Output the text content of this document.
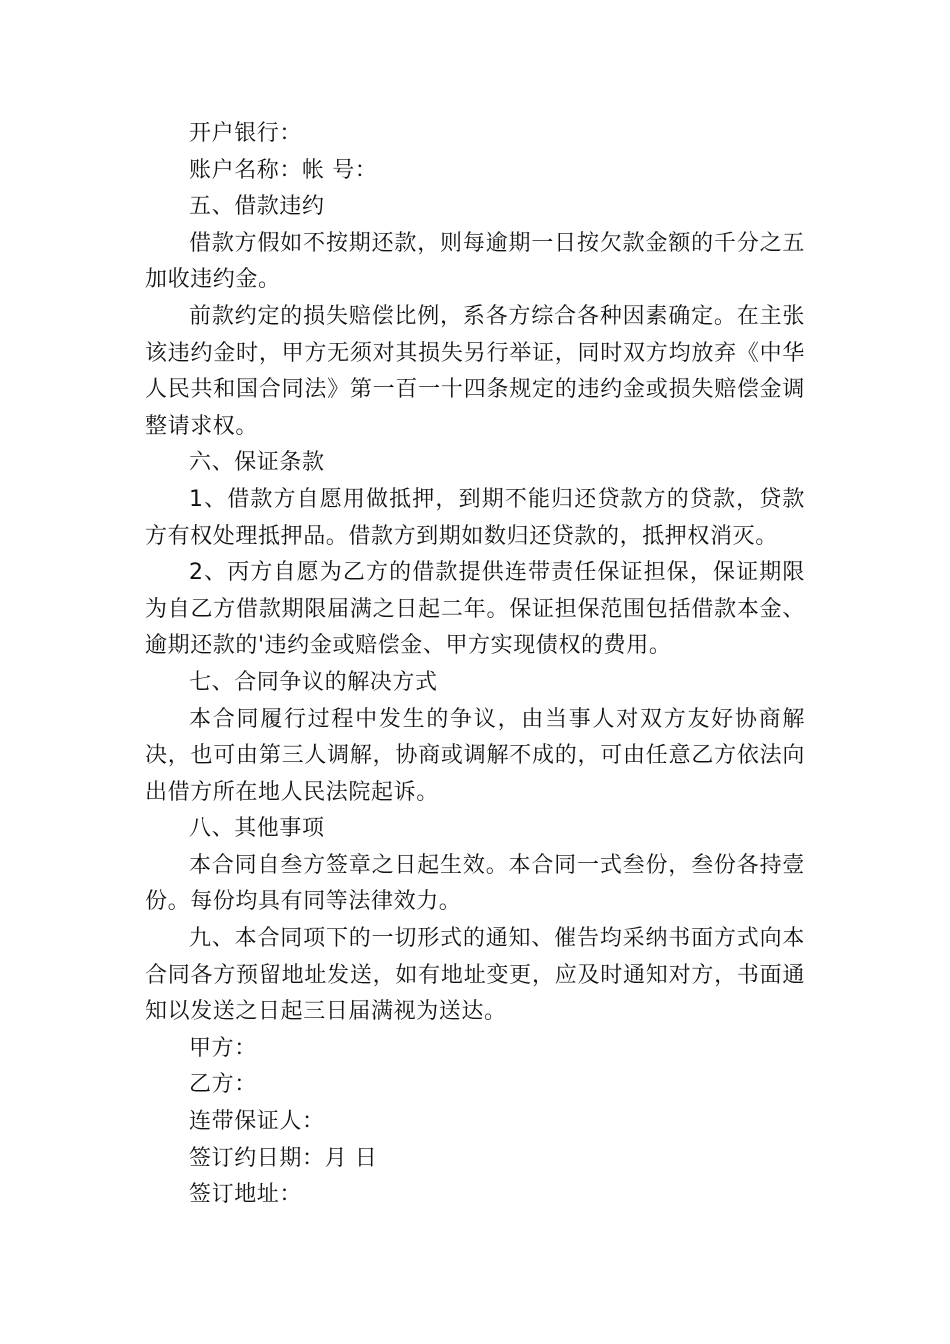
开户银行：

账户名称：帐 号：

五、借款违约

借款方假如不按期还款，则每逾期一日按欠款金额的千分之五加收违约金。

前款约定的损失赔偿比例，系各方综合各种因素确定。在主张该违约金时，甲方无须对其损失另行举证，同时双方均放弃《中华人民共和国合同法》第一百一十四条规定的违约金或损失赔偿金调整请求权。

六、保证条款

1、借款方自愿用做抵押，到期不能归还贷款方的贷款，贷款方有权处理抵押品。借款方到期如数归还贷款的，抵押权消灭。

2、丙方自愿为乙方的借款提供连带责任保证担保，保证期限为自乙方借款期限届满之日起二年。保证担保范围包括借款本金、逾期还款的'违约金或赔偿金、甲方实现债权的费用。

七、合同争议的解决方式

本合同履行过程中发生的争议，由当事人对双方友好协商解决，也可由第三人调解，协商或调解不成的，可由任意乙方依法向出借方所在地人民法院起诉。

八、其他事项

本合同自叁方签章之日起生效。本合同一式叁份，叁份各持壹份。每份均具有同等法律效力。

九、本合同项下的一切形式的通知、催告均采纳书面方式向本合同各方预留地址发送，如有地址变更，应及时通知对方，书面通知以发送之日起三日届满视为送达。

甲方：

乙方：

连带保证人：

签订约日期：月 日

签订地址：
